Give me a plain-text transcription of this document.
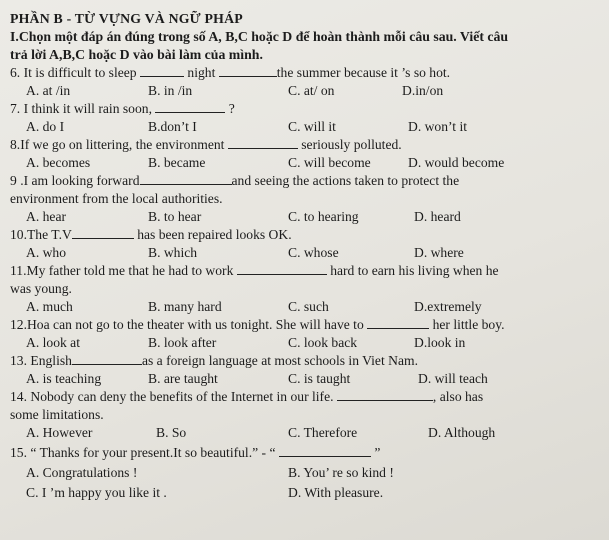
PHẦN B - TỪ VỰNG VÀ NGỮ PHÁP
I.Chọn một đáp án đúng trong số A, B,C hoặc D để hoàn thành mỗi câu sau. Viết câu
trả lời A,B,C hoặc D vào bài làm của mình.
6. It is difficult to sleep	night	the summer because it ’s so hot.
A. at /in	B. in /in	C. at/ on	D.in/on
7. I think it will rain soon,	?
A. do I	B.don’t I	C. will it	D. won’t it
8.If we go on littering, the environment	seriously polluted.
A. becomes	B. became	C. will become	D. would become
9 .I am looking forward	and seeing the actions taken to protect the
environment from the local authorities.
A. hear	B. to hear	C. to hearing	D. heard
10.The T.V	has been repaired looks OK.
A. who	B. which	C. whose	D. where
11.My father told me that he had to work	hard to earn his living when he
was young.
A. much	B. many hard	C. such	D.extremely
12.Hoa can not go to the theater with us tonight. She will have to	her little boy.
A. look at	B. look after	C. look back	D.look in
13. English	as a foreign language at most schools in Viet Nam.
A. is teaching	B. are taught	C. is taught	D. will teach
14. Nobody can deny the benefits of the Internet in our life.	, also has
some limitations.
A. However	B. So	C. Therefore	D. Although
15. “ Thanks for your present.It so beautiful.” - “	”
A. Congratulations !	B. You’ re so kind !
C. I ’m happy you like it .	D. With pleasure.
